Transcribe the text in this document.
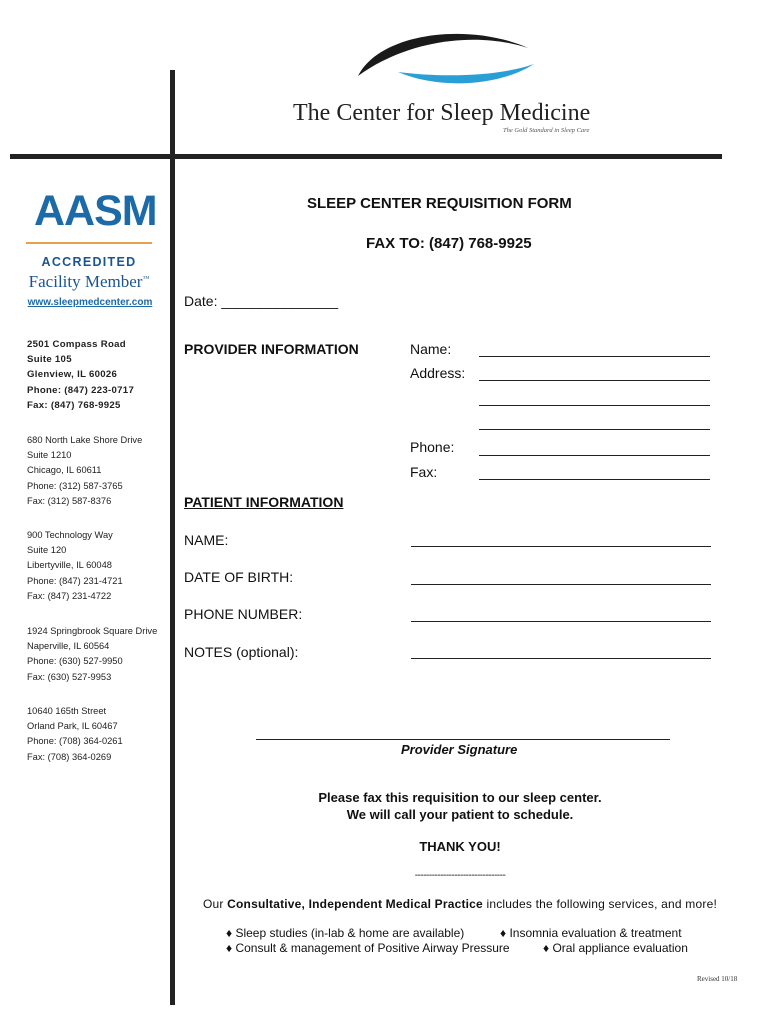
The Center for Sleep Medicine
The Gold Standard in Sleep Care
AASM
ACCREDITED
Facility Member™
www.sleepmedcenter.com
2501 Compass Road
Suite 105
Glenview, IL 60026
Phone: (847) 223-0717
Fax: (847) 768-9925
680 North Lake Shore Drive
Suite 1210
Chicago, IL 60611
Phone: (312) 587-3765
Fax: (312) 587-8376
900 Technology Way
Suite 120
Libertyville, IL 60048
Phone: (847) 231-4721
Fax: (847) 231-4722
1924 Springbrook Square Drive
Naperville, IL 60564
Phone: (630) 527-9950
Fax: (630) 527-9953
10640 165th Street
Orland Park, IL 60467
Phone: (708) 364-0261
Fax: (708) 364-0269
SLEEP CENTER REQUISITION FORM
FAX TO: (847) 768-9925
Date: _______________
PROVIDER INFORMATION	Name:
Address:
Phone:
Fax:
PATIENT INFORMATION
NAME:
DATE OF BIRTH:
PHONE NUMBER:
NOTES (optional):
Provider Signature
Please fax this requisition to our sleep center.
We will call your patient to schedule.
THANK YOU!
--------------------------------
Our Consultative, Independent Medical Practice includes the following services, and more!
♦ Sleep studies (in-lab & home are available)	♦ Insomnia evaluation & treatment
♦ Consult & management of Positive Airway Pressure	♦ Oral appliance evaluation
Revised 10/18
